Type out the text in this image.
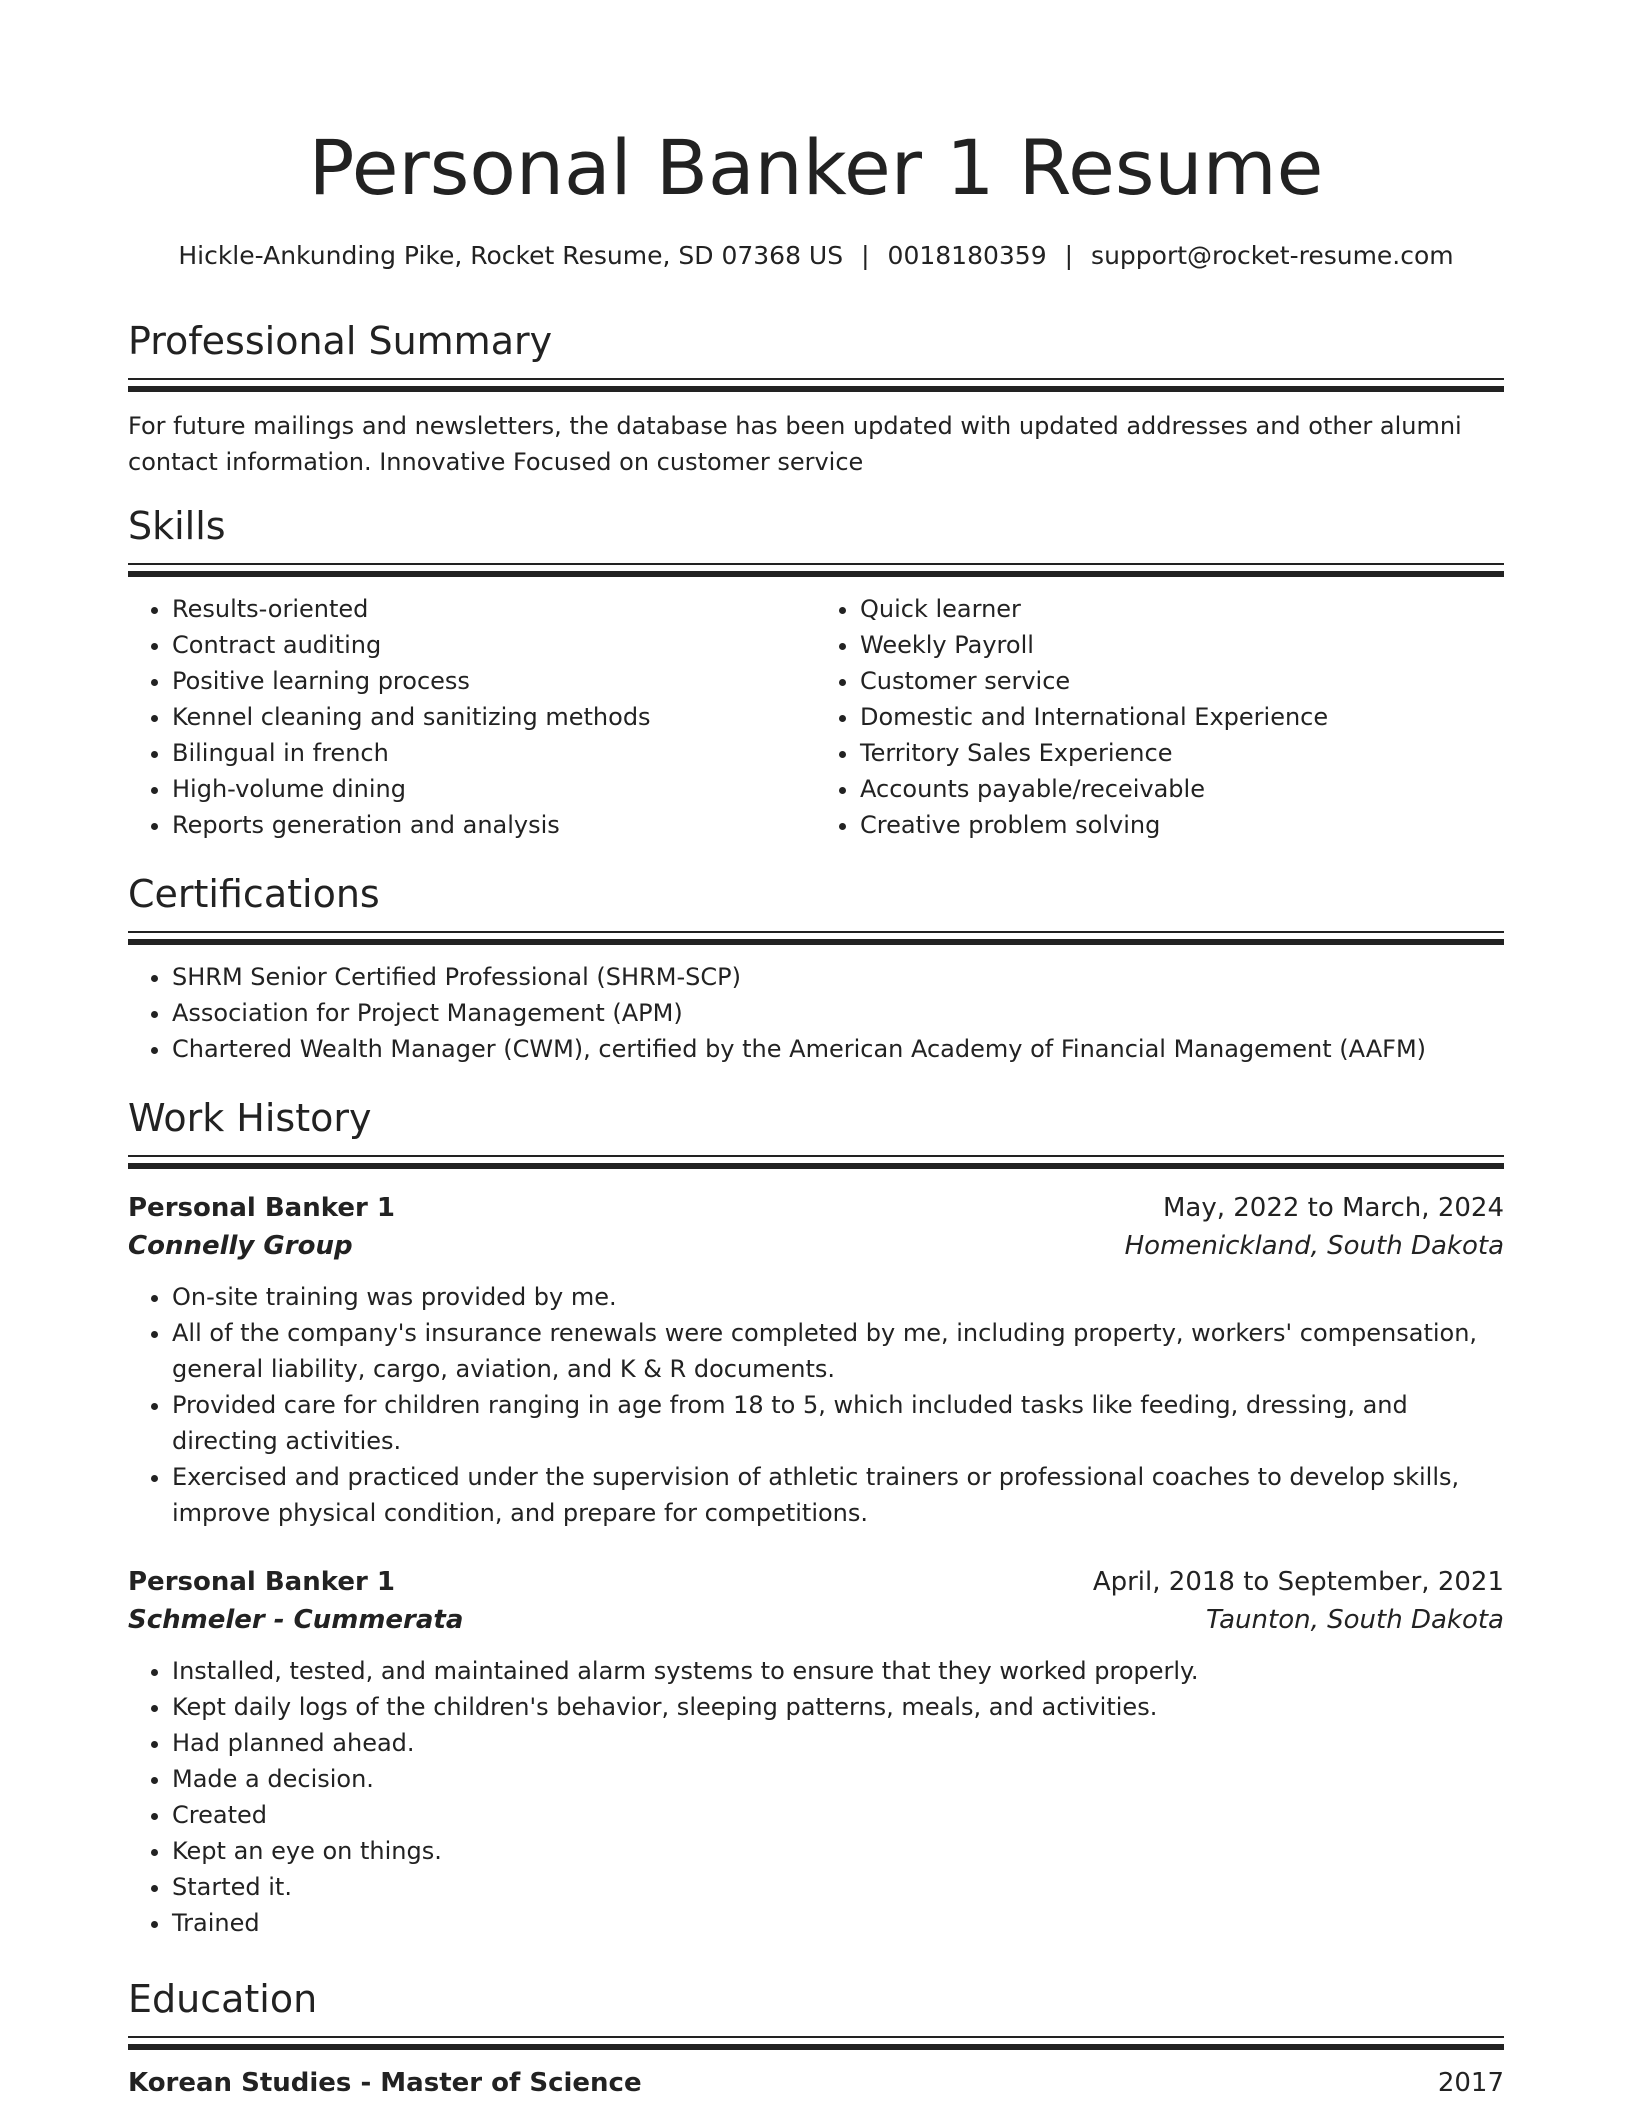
Personal Banker 1 Resume
Hickle-Ankunding Pike, Rocket Resume, SD 07368 US | 0018180359 | support@rocket-resume.com
Professional Summary
For future mailings and newsletters, the database has been updated with updated addresses and other alumni contact information. Innovative Focused on customer service
Skills
• Results-oriented
• Contract auditing
• Positive learning process
• Kennel cleaning and sanitizing methods
• Bilingual in french
• High-volume dining
• Reports generation and analysis
• Quick learner
• Weekly Payroll
• Customer service
• Domestic and International Experience
• Territory Sales Experience
• Accounts payable/receivable
• Creative problem solving
Certifications
• SHRM Senior Certified Professional (SHRM-SCP)
• Association for Project Management (APM)
• Chartered Wealth Manager (CWM), certified by the American Academy of Financial Management (AAFM)
Work History
Personal Banker 1	May, 2022 to March, 2024
Connelly Group	Homenickland, South Dakota
• On-site training was provided by me.
• All of the company's insurance renewals were completed by me, including property, workers' compensation, general liability, cargo, aviation, and K & R documents.
• Provided care for children ranging in age from 18 to 5, which included tasks like feeding, dressing, and directing activities.
• Exercised and practiced under the supervision of athletic trainers or professional coaches to develop skills, improve physical condition, and prepare for competitions.
Personal Banker 1	April, 2018 to September, 2021
Schmeler - Cummerata	Taunton, South Dakota
• Installed, tested, and maintained alarm systems to ensure that they worked properly.
• Kept daily logs of the children's behavior, sleeping patterns, meals, and activities.
• Had planned ahead.
• Made a decision.
• Created
• Kept an eye on things.
• Started it.
• Trained
Education
Korean Studies - Master of Science	2017
